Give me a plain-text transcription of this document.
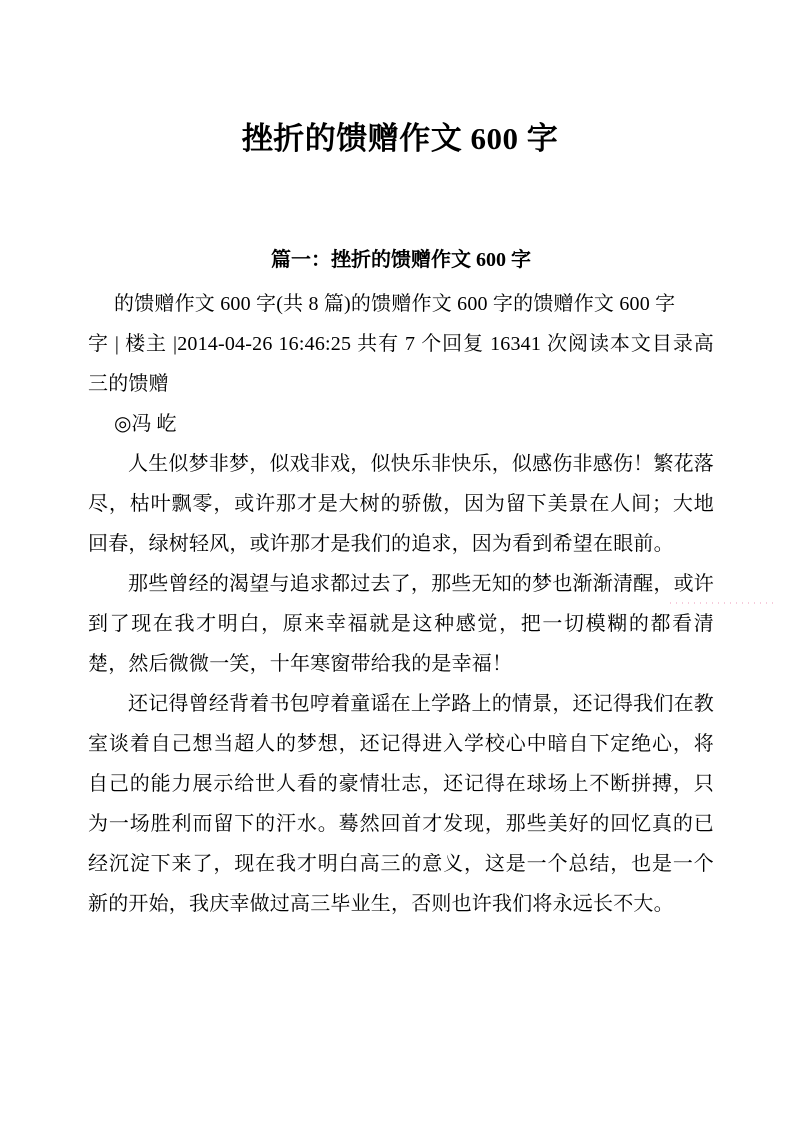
挫折的馈赠作文 600 字

篇一：挫折的馈赠作文 600 字

的馈赠作文 600 字(共 8 篇)的馈赠作文 600 字的馈赠作文 600 字

字 | 楼主 |2014-04-26 16:46:25 共有 7 个回复 16341 次阅读本文目录高三的馈赠

◎冯 屹

人生似梦非梦，似戏非戏，似快乐非快乐，似感伤非感伤！繁花落尽，枯叶飘零，或许那才是大树的骄傲，因为留下美景在人间；大地回春，绿树轻风，或许那才是我们的追求，因为看到希望在眼前。

那些曾经的渴望与追求都过去了，那些无知的梦也渐渐清醒，或许到了现在我才明白，原来幸福就是这种感觉，把一切模糊的都看清楚，然后微微一笑，十年寒窗带给我的是幸福！

还记得曾经背着书包哼着童谣在上学路上的情景，还记得我们在教室谈着自己想当超人的梦想，还记得进入学校心中暗自下定绝心，将自己的能力展示给世人看的豪情壮志，还记得在球场上不断拼搏，只为一场胜利而留下的汗水。蓦然回首才发现，那些美好的回忆真的已经沉淀下来了，现在我才明白高三的意义，这是一个总结，也是一个新的开始，我庆幸做过高三毕业生，否则也许我们将永远长不大。
